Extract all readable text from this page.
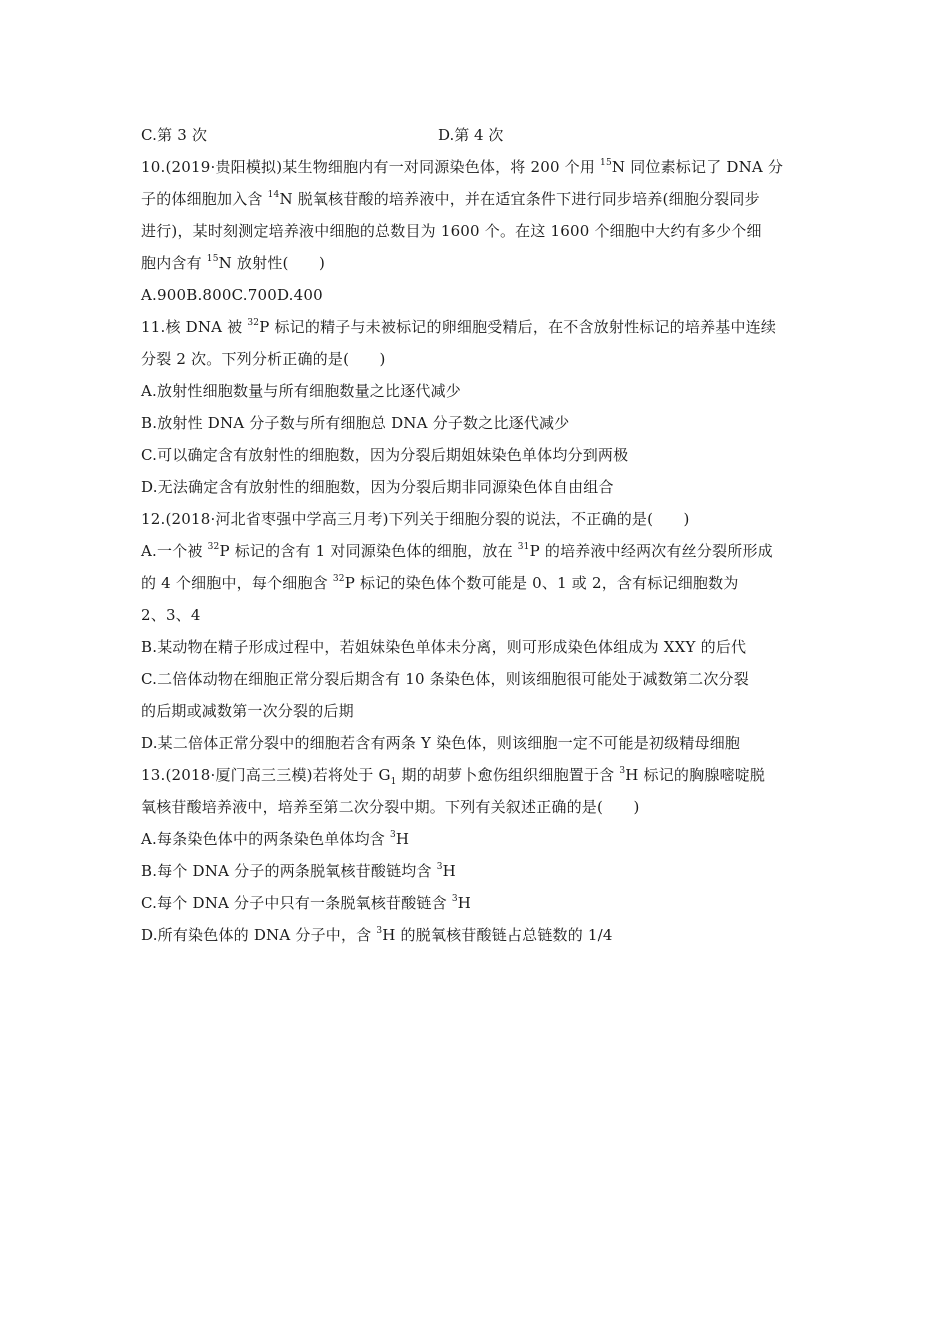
C.第 3 次	D.第 4 次
10.(2019·贵阳模拟)某生物细胞内有一对同源染色体，将 200 个用 $^{15}$N 同位素标记了 DNA 分
子的体细胞加入含 $^{14}$N 脱氧核苷酸的培养液中，并在适宜条件下进行同步培养(细胞分裂同步
进行)，某时刻测定培养液中细胞的总数目为 1600 个。在这 1600 个细胞中大约有多少个细
胞内含有 $^{15}$N 放射性(　　)
A.900B.800C.700D.400
11.核 DNA 被 $^{32}$P 标记的精子与未被标记的卵细胞受精后，在不含放射性标记的培养基中连续
分裂 2 次。下列分析正确的是(　　)
A.放射性细胞数量与所有细胞数量之比逐代减少
B.放射性 DNA 分子数与所有细胞总 DNA 分子数之比逐代减少
C.可以确定含有放射性的细胞数，因为分裂后期姐妹染色单体均分到两极
D.无法确定含有放射性的细胞数，因为分裂后期非同源染色体自由组合
12.(2018·河北省枣强中学高三月考)下列关于细胞分裂的说法，不正确的是(　　)
A.一个被 $^{32}$P 标记的含有 1 对同源染色体的细胞，放在 $^{31}$P 的培养液中经两次有丝分裂所形成
的 4 个细胞中，每个细胞含 $^{32}$P 标记的染色体个数可能是 0、1 或 2，含有标记细胞数为
2、3、4
B.某动物在精子形成过程中，若姐妹染色单体未分离，则可形成染色体组成为 XXY 的后代
C.二倍体动物在细胞正常分裂后期含有 10 条染色体，则该细胞很可能处于减数第二次分裂
的后期或减数第一次分裂的后期
D.某二倍体正常分裂中的细胞若含有两条 Y 染色体，则该细胞一定不可能是初级精母细胞
13.(2018·厦门高三三模)若将处于 $G_1$ 期的胡萝卜愈伤组织细胞置于含 $^3$H 标记的胸腺嘧啶脱
氧核苷酸培养液中，培养至第二次分裂中期。下列有关叙述正确的是(　　)
A.每条染色体中的两条染色单体均含 $^3$H
B.每个 DNA 分子的两条脱氧核苷酸链均含 $^3$H
C.每个 DNA 分子中只有一条脱氧核苷酸链含 $^3$H
D.所有染色体的 DNA 分子中，含 $^3$H 的脱氧核苷酸链占总链数的 1/4
